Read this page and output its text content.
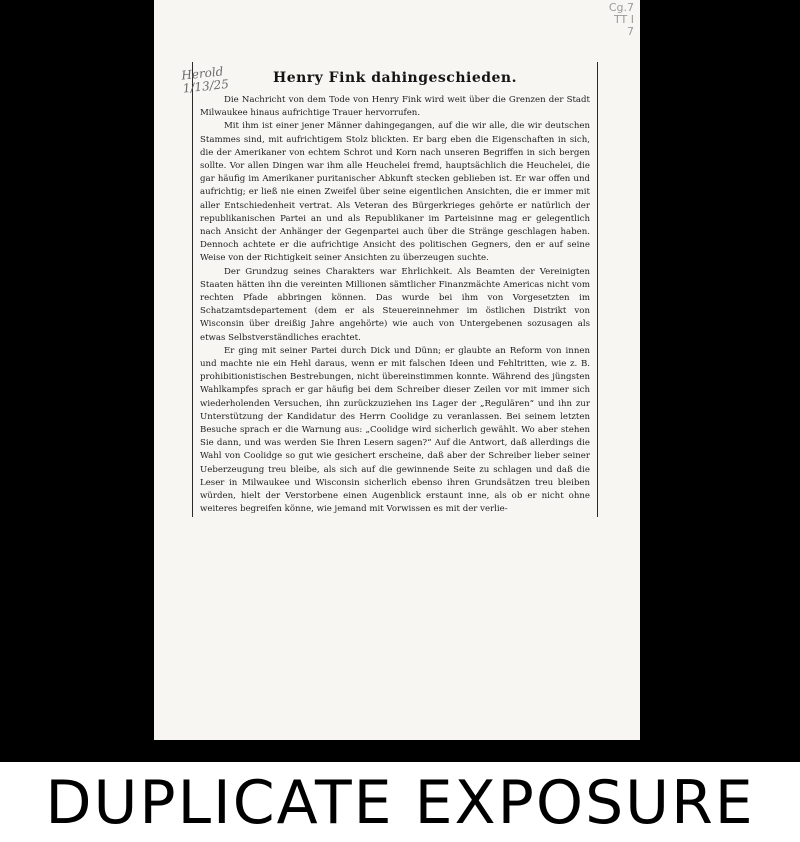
Cg.7
TT I
7
Herold 1/13/25	Henry Fink dahingeschieden.

Die Nachricht von dem Tode von Henry Fink wird weit über die Grenzen der Stadt Milwaukee hinaus aufrichtige Trauer hervorrufen.

Mit ihm ist einer jener Männer dahingegangen, auf die wir alle, die wir deutschen Stammes sind, mit aufrichtigem Stolz blickten. Er barg eben die Eigenschaften in sich, die der Amerikaner von echtem Schrot und Korn nach unseren Begriffen in sich bergen sollte. Vor allen Dingen war ihm alle Heuchelei fremd, hauptsächlich die Heuchelei, die gar häufig im Amerikaner puritanischer Abkunft stecken geblieben ist. Er war offen und aufrichtig; er ließ nie einen Zweifel über seine eigentlichen Ansichten, die er immer mit aller Entschiedenheit vertrat. Als Veteran des Bürgerkrieges gehörte er natürlich der republikanischen Partei an und als Republikaner im Parteisinne mag er gelegentlich nach Ansicht der Anhänger der Gegenpartei auch über die Stränge geschlagen haben. Dennoch achtete er die aufrichtige Ansicht des politischen Gegners, den er auf seine Weise von der Richtigkeit seiner Ansichten zu überzeugen suchte.

Der Grundzug seines Charakters war Ehrlichkeit. Als Beamten der Vereinigten Staaten hätten ihn die vereinten Millionen sämtlicher Finanzmächte Americas nicht vom rechten Pfade abbringen können. Das wurde bei ihm von Vorgesetzten im Schatzamtsdepartement (dem er als Steuereinnehmer im östlichen Distrikt von Wisconsin über dreißig Jahre angehörte) wie auch von Untergebenen sozusagen als etwas Selbstverständliches erachtet.

Er ging mit seiner Partei durch Dick und Dünn; er glaubte an Reform von innen und machte nie ein Hehl daraus, wenn er mit falschen Ideen und Fehltritten, wie z. B. prohibitionistischen Bestrebungen, nicht übereinstimmen konnte. Während des jüngsten Wahlkampfes sprach er gar häufig bei dem Schreiber dieser Zeilen vor mit immer sich wiederholenden Versuchen, ihn zurückzuziehen ins Lager der „Regulären“ und ihn zur Unterstützung der Kandidatur des Herrn Coolidge zu veranlassen. Bei seinem letzten Besuche sprach er die Warnung aus: „Coolidge wird sicherlich gewählt. Wo aber stehen Sie dann, und was werden Sie Ihren Lesern sagen?“ Auf die Antwort, daß allerdings die Wahl von Coolidge so gut wie gesichert erscheine, daß aber der Schreiber lieber seiner Ueberzeugung treu bleibe, als sich auf die gewinnende Seite zu schlagen und daß die Leser in Milwaukee und Wisconsin sicherlich ebenso ihren Grundsätzen treu bleiben würden, hielt der Verstorbene einen Augenblick erstaunt inne, als ob er nicht ohne weiteres begreifen könne, wie jemand mit Vorwissen es mit der verlie-

DUPLICATE EXPOSURE
